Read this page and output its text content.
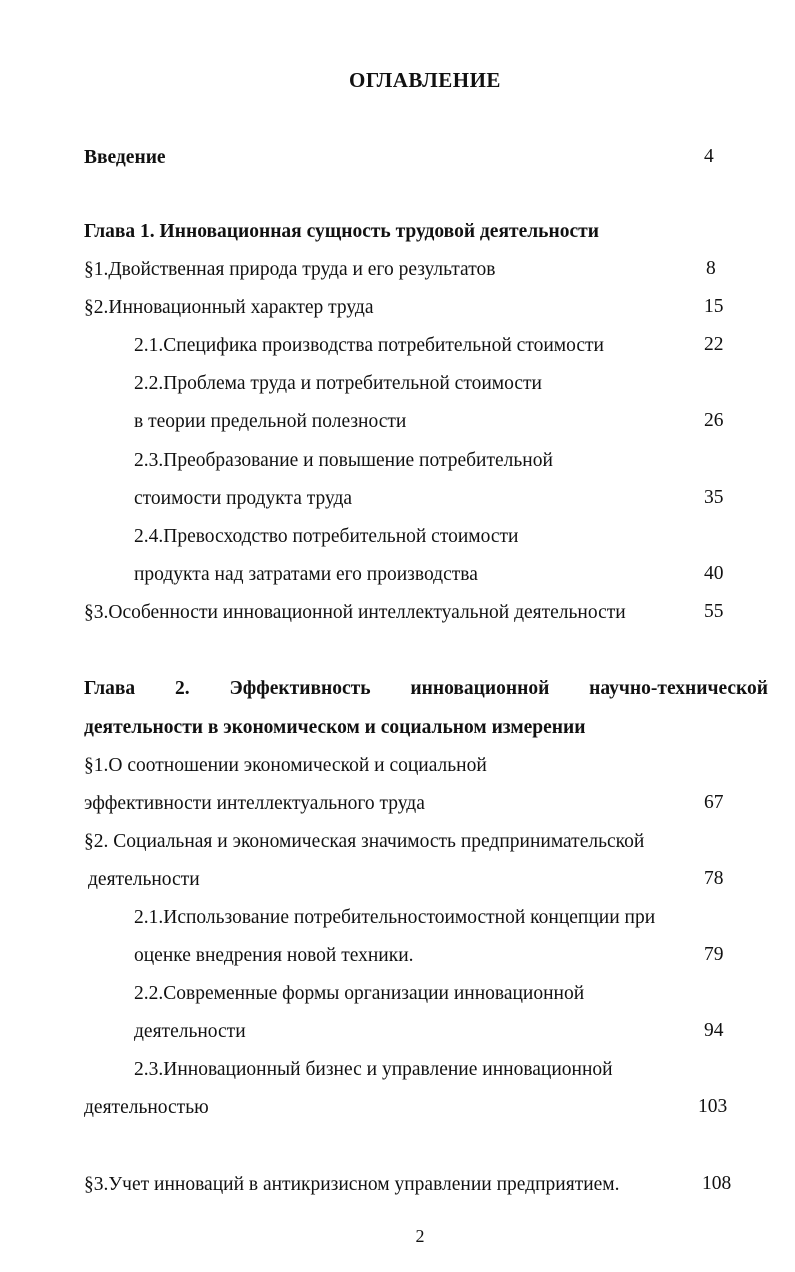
ОГЛАВЛЕНИЕ
Введение	4
Глава 1. Инновационная сущность трудовой деятельности
§1.Двойственная природа труда и его результатов	8
§2.Инновационный характер труда	15
2.1.Специфика производства потребительной стоимости	22
2.2.Проблема труда и потребительной стоимости
в теории предельной полезности	26
2.3.Преобразование и повышение потребительной
стоимости продукта труда	35
2.4.Превосходство потребительной стоимости
продукта над затратами его производства	40
§3.Особенности инновационной интеллектуальной деятельности	55
Глава 2. Эффективность инновационной научно-технической
деятельности в экономическом и социальном измерении
§1.О соотношении экономической и социальной
эффективности интеллектуального труда	67
§2. Социальная и экономическая значимость предпринимательской
деятельности	78
2.1.Использование потребительностоимостной концепции при
оценке внедрения новой техники.	79
2.2.Современные формы организации инновационной
деятельности	94
2.3.Инновационный бизнес и управление инновационной
деятельностью	103
§3.Учет инноваций в антикризисном управлении предприятием.	108
2
